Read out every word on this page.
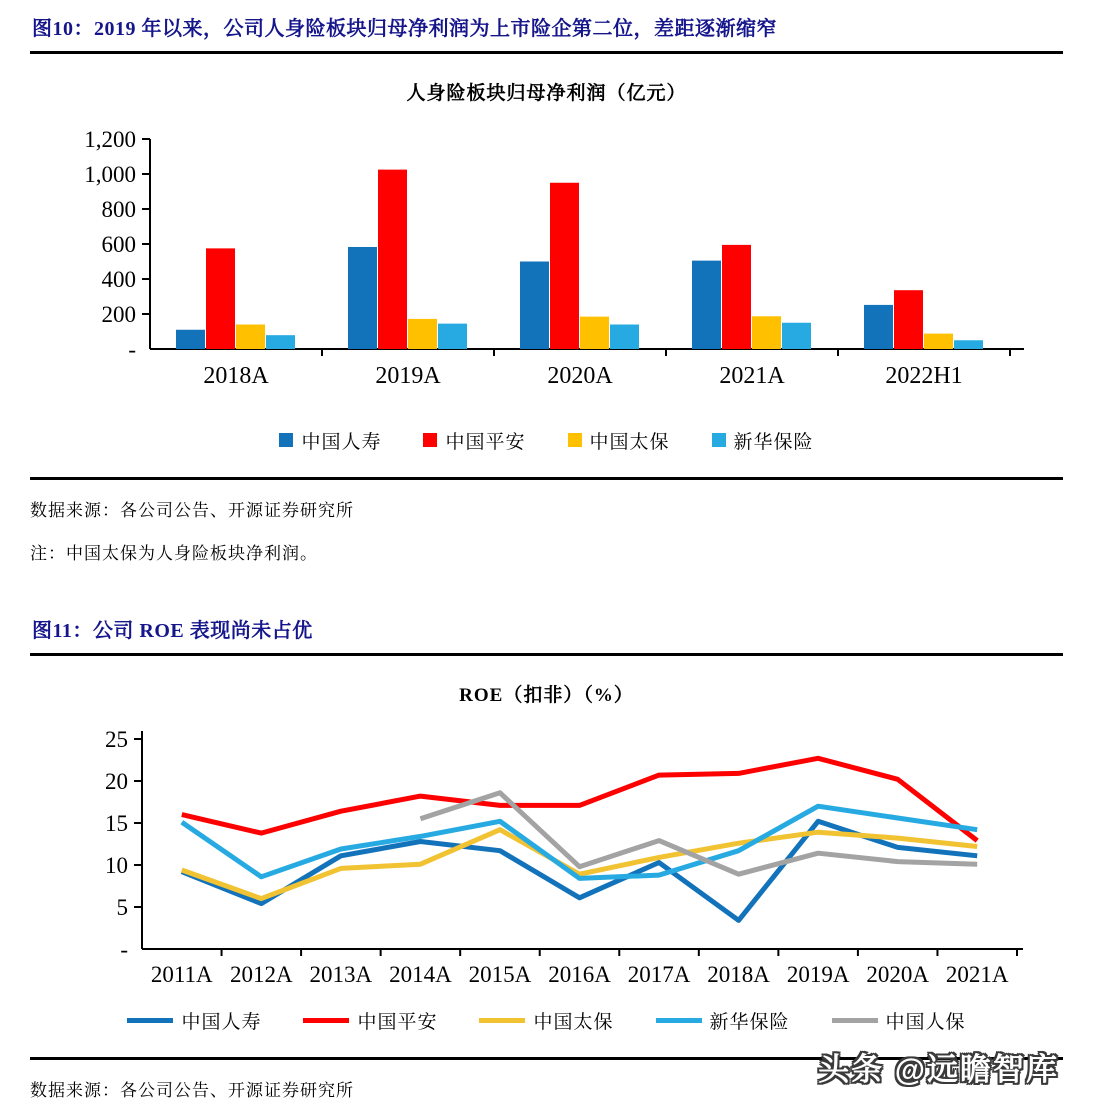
图10：2019 年以来，公司人身险板块归母净利润为上市险企第二位，差距逐渐缩窄
人身险板块归母净利润（亿元）
-
200
400
600
800
1,000
1,200
2018A	2019A	2020A	2021A	2022H1
中国人寿	中国平安	中国太保	新华保险

数据来源：各公司公告、开源证券研究所

注：中国太保为人身险板块净利润。

图11：公司 ROE 表现尚未占优
ROE（扣非）（%）
-
5
10
15
20
25
2011A 2012A 2013A 2014A 2015A 2016A 2017A 2018A 2019A 2020A 2021A
中国人寿	中国平安	中国太保	新华保险	中国人保

数据来源：各公司公告、开源证券研究所

头条 @远瞻智库
